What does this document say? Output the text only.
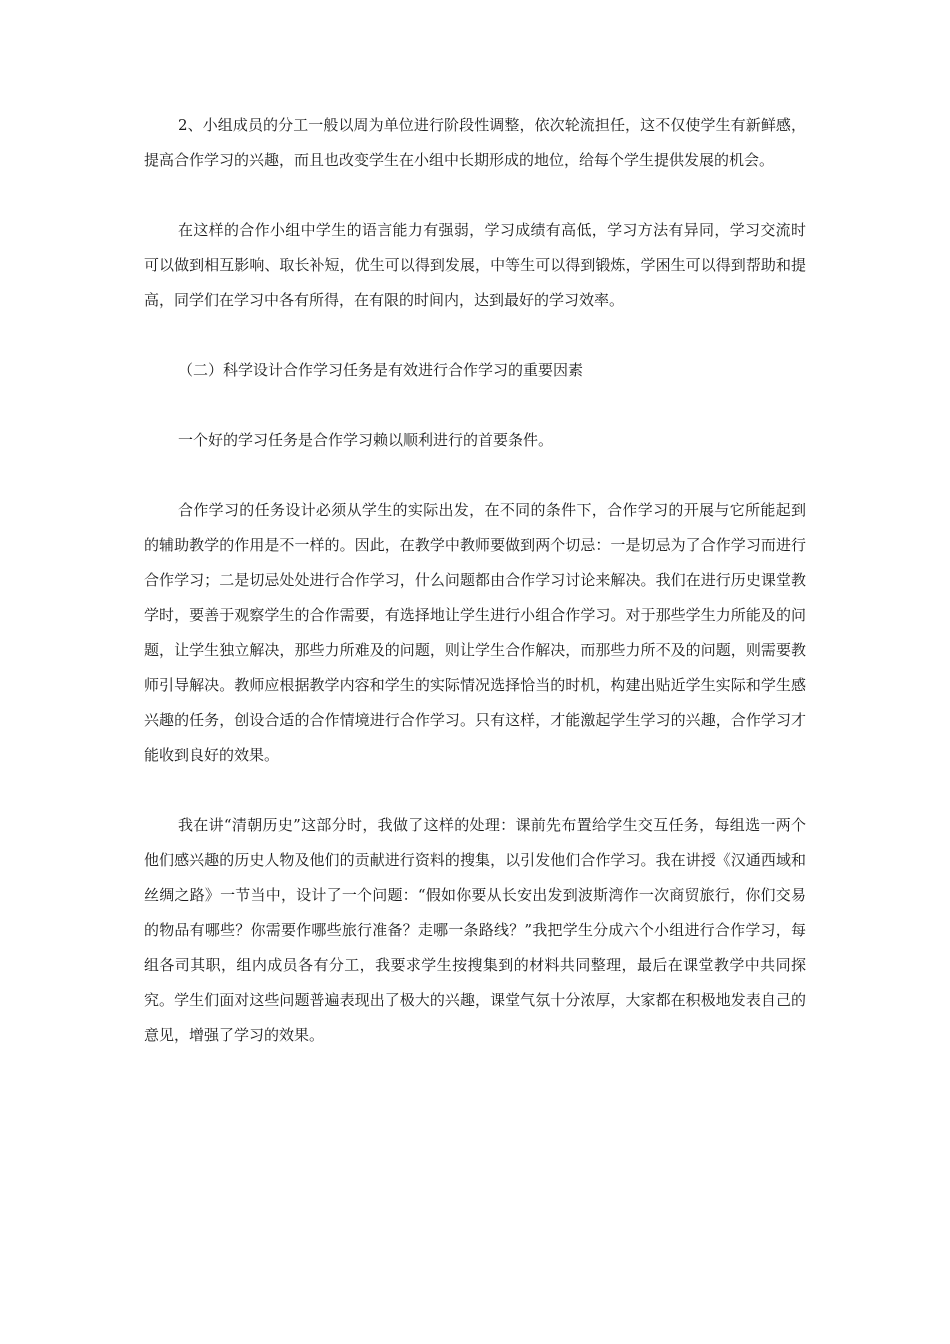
2、小组成员的分工一般以周为单位进行阶段性调整，依次轮流担任，这不仅使学生有新鲜感，提高合作学习的兴趣，而且也改变学生在小组中长期形成的地位，给每个学生提供发展的机会。

在这样的合作小组中学生的语言能力有强弱，学习成绩有高低，学习方法有异同，学习交流时可以做到相互影响、取长补短，优生可以得到发展，中等生可以得到锻炼，学困生可以得到帮助和提高，同学们在学习中各有所得，在有限的时间内，达到最好的学习效率。

（二）科学设计合作学习任务是有效进行合作学习的重要因素

一个好的学习任务是合作学习赖以顺利进行的首要条件。

合作学习的任务设计必须从学生的实际出发，在不同的条件下，合作学习的开展与它所能起到的辅助教学的作用是不一样的。因此，在教学中教师要做到两个切忌：一是切忌为了合作学习而进行合作学习；二是切忌处处进行合作学习，什么问题都由合作学习讨论来解决。我们在进行历史课堂教学时，要善于观察学生的合作需要，有选择地让学生进行小组合作学习。对于那些学生力所能及的问题，让学生独立解决，那些力所难及的问题，则让学生合作解决，而那些力所不及的问题，则需要教师引导解决。教师应根据教学内容和学生的实际情况选择恰当的时机，构建出贴近学生实际和学生感兴趣的任务，创设合适的合作情境进行合作学习。只有这样，才能激起学生学习的兴趣，合作学习才能收到良好的效果。

我在讲“清朝历史”这部分时，我做了这样的处理：课前先布置给学生交互任务，每组选一两个他们感兴趣的历史人物及他们的贡献进行资料的搜集，以引发他们合作学习。我在讲授《汉通西域和丝绸之路》一节当中，设计了一个问题：“假如你要从长安出发到波斯湾作一次商贸旅行，你们交易的物品有哪些？你需要作哪些旅行准备？走哪一条路线？”我把学生分成六个小组进行合作学习，每组各司其职，组内成员各有分工，我要求学生按搜集到的材料共同整理，最后在课堂教学中共同探究。学生们面对这些问题普遍表现出了极大的兴趣，课堂气氛十分浓厚，大家都在积极地发表自己的意见，增强了学习的效果。
